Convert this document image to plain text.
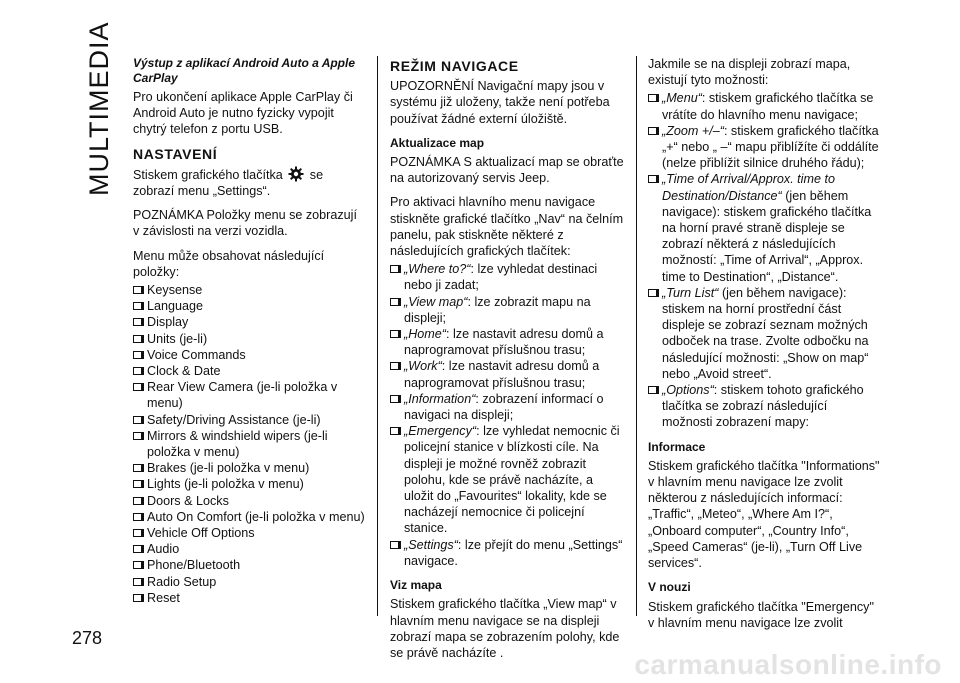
MULTIMEDIA
278
carmanualsonline.info
Výstup z aplikací Android Auto a Apple CarPlay

Pro ukončení aplikace Apple CarPlay či Android Auto je nutno fyzicky vypojit chytrý telefon z portu USB.

NASTAVENÍ

Stiskem grafického tlačítka se zobrazí menu „Settings“.

POZNÁMKA Položky menu se zobrazují v závislosti na verzi vozidla.

Menu může obsahovat následující položky:

Keysense
Language
Display
Units (je-li)
Voice Commands
Clock & Date
Rear View Camera (je-li položka v menu)
Safety/Driving Assistance (je-li)
Mirrors & windshield wipers (je-li položka v menu)
Brakes (je-li položka v menu)
Lights (je-li položka v menu)
Doors & Locks
Auto On Comfort (je-li položka v menu)
Vehicle Off Options
Audio
Phone/Bluetooth
Radio Setup
Reset
REŽIM NAVIGACE

UPOZORNĚNÍ Navigační mapy jsou v systému již uloženy, takže není potřeba používat žádné externí úložiště.

Aktualizace map

POZNÁMKA S aktualizací map se obraťte na autorizovaný servis Jeep.

Pro aktivaci hlavního menu navigace stiskněte grafické tlačítko „Nav“ na čelním panelu, pak stiskněte některé z následujících grafických tlačítek:

„Where to?“: lze vyhledat destinaci nebo ji zadat;
„View map“: lze zobrazit mapu na displeji;
„Home“: lze nastavit adresu domů a naprogramovat příslušnou trasu;
„Work“: lze nastavit adresu domů a naprogramovat příslušnou trasu;
„Information“: zobrazení informací o navigaci na displeji;
„Emergency“: lze vyhledat nemocnic či policejní stanice v blízkosti cíle. Na displeji je možné rovněž zobrazit polohu, kde se právě nacházíte, a uložit do „Favourites“ lokality, kde se nacházejí nemocnice či policejní stanice.
„Settings“: lze přejít do menu „Settings“ navigace.
Viz mapa

Stiskem grafického tlačítka „View map“ v hlavním menu navigace se na displeji zobrazí mapa se zobrazením polohy, kde se právě nacházíte .

Jakmile se na displeji zobrazí mapa, existují tyto možnosti:

„Menu“: stiskem grafického tlačítka se vrátíte do hlavního menu navigace;
„Zoom +/–“: stiskem grafického tlačítka „+“ nebo „ –“ mapu přiblížíte či oddálíte (nelze přiblížit silnice druhého řádu);
„Time of Arrival/Approx. time to Destination/Distance“ (jen během navigace): stiskem grafického tlačítka na horní pravé straně displeje se zobrazí některá z následujících možností: „Time of Arrival“, „Approx. time to Destination“, „Distance“.
„Turn List“ (jen během navigace): stiskem na horní prostřední část displeje se zobrazí seznam možných odboček na trase. Zvolte odbočku na následující možnosti: „Show on map“ nebo „Avoid street“.
„Options“: stiskem tohoto grafického tlačítka se zobrazí následující možnosti zobrazení mapy:
Informace

Stiskem grafického tlačítka "Informations" v hlavním menu navigace lze zvolit některou z následujících informací: „Traffic“, „Meteo“, „Where Am I?“, „Onboard computer“, „Country Info“, „Speed Cameras“ (je-li), „Turn Off Live services“.

V nouzi

Stiskem grafického tlačítka "Emergency" v hlavním menu navigace lze zvolit
